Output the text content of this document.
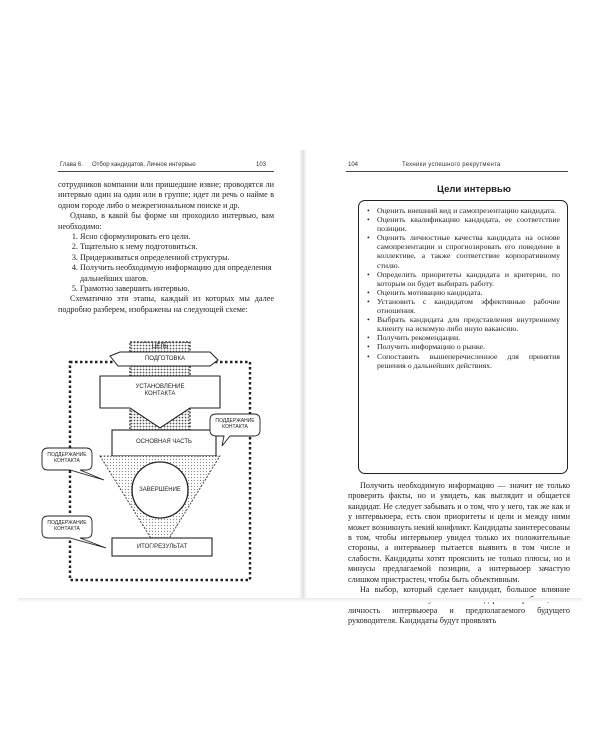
Глава 6. Отбор кандидатов. Личное интервью	103

сотрудников компании или пришедшие извне; проводятся ли интервью один на один или в группе; идет ли речь о найме в одном городе либо о межрегиональном поиске и др.

Однако, в какой бы форме ни проходило интервью, вам необходимо:

1. Ясно сформулировать его цели.
2. Тщательно к нему подготовиться.
3. Придерживаться определенной структуры.
4. Получить необходимую информацию для определения дальнейших шагов.
5. Грамотно завершить интервью.

Схематично эти этапы, каждый из которых мы далее подробно разберем, изображены на следующей схеме:

ЦЕЛЬ
ПОДГОТОВКА
УСТАНОВЛЕНИЕ КОНТАКТА
ОСНОВНАЯ ЧАСТЬ
ЗАВЕРШЕНИЕ
ИТОГ/РЕЗУЛЬТАТ
ПОДДЕРЖАНИЕ КОНТАКТА
ПОДДЕРЖАНИЕ КОНТАКТА
ПОДДЕРЖАНИЕ КОНТАКТА
104	Техники успешного рекрутмента
Цели интервью
• Оценить внешний вид и самопрезентацию кандидата.
• Оценить квалификацию кандидата, ее соответствие позиции.
• Оценить личностные качества кандидата на основе самопрезентации и спрогнозировать его поведение в коллективе, а также соответствие корпоративному стилю.
• Определить приоритеты кандидата и критерии, по которым он будет выбирать работу.
• Оценить мотивацию кандидата.
• Установить с кандидатом эффективные рабочие отношения.
• Выбрать кандидата для представления внутреннему клиенту на искомую либо иную вакансию.
• Получить рекомендации.
• Получить информацию о рынке.
• Сопоставить вышеперечисленное для принятия решения о дальнейших действиях.

Получить необходимую информацию — значит не только проверить факты, но и увидеть, как выглядит и общается кандидат. Не следует забывать и о том, что у него, так же как и у интервьюера, есть свои приоритеты и цели и между ними может возникнуть некий конфликт. Кандидаты заинтересованы в том, чтобы интервьюер увидел только их положительные стороны, а интервьюер пытается выявить в том числе и слабости. Кандидаты хотят прояснить не только плюсы, но и минусы предлагаемой позиции, а интервьюер зачастую слишком пристрастен, чтобы быть объективным.

На выбор, который сделает кандидат, большое влияние личность интервьюера и предполагаемого будущего руководителя. Кандидаты будут проявлять
